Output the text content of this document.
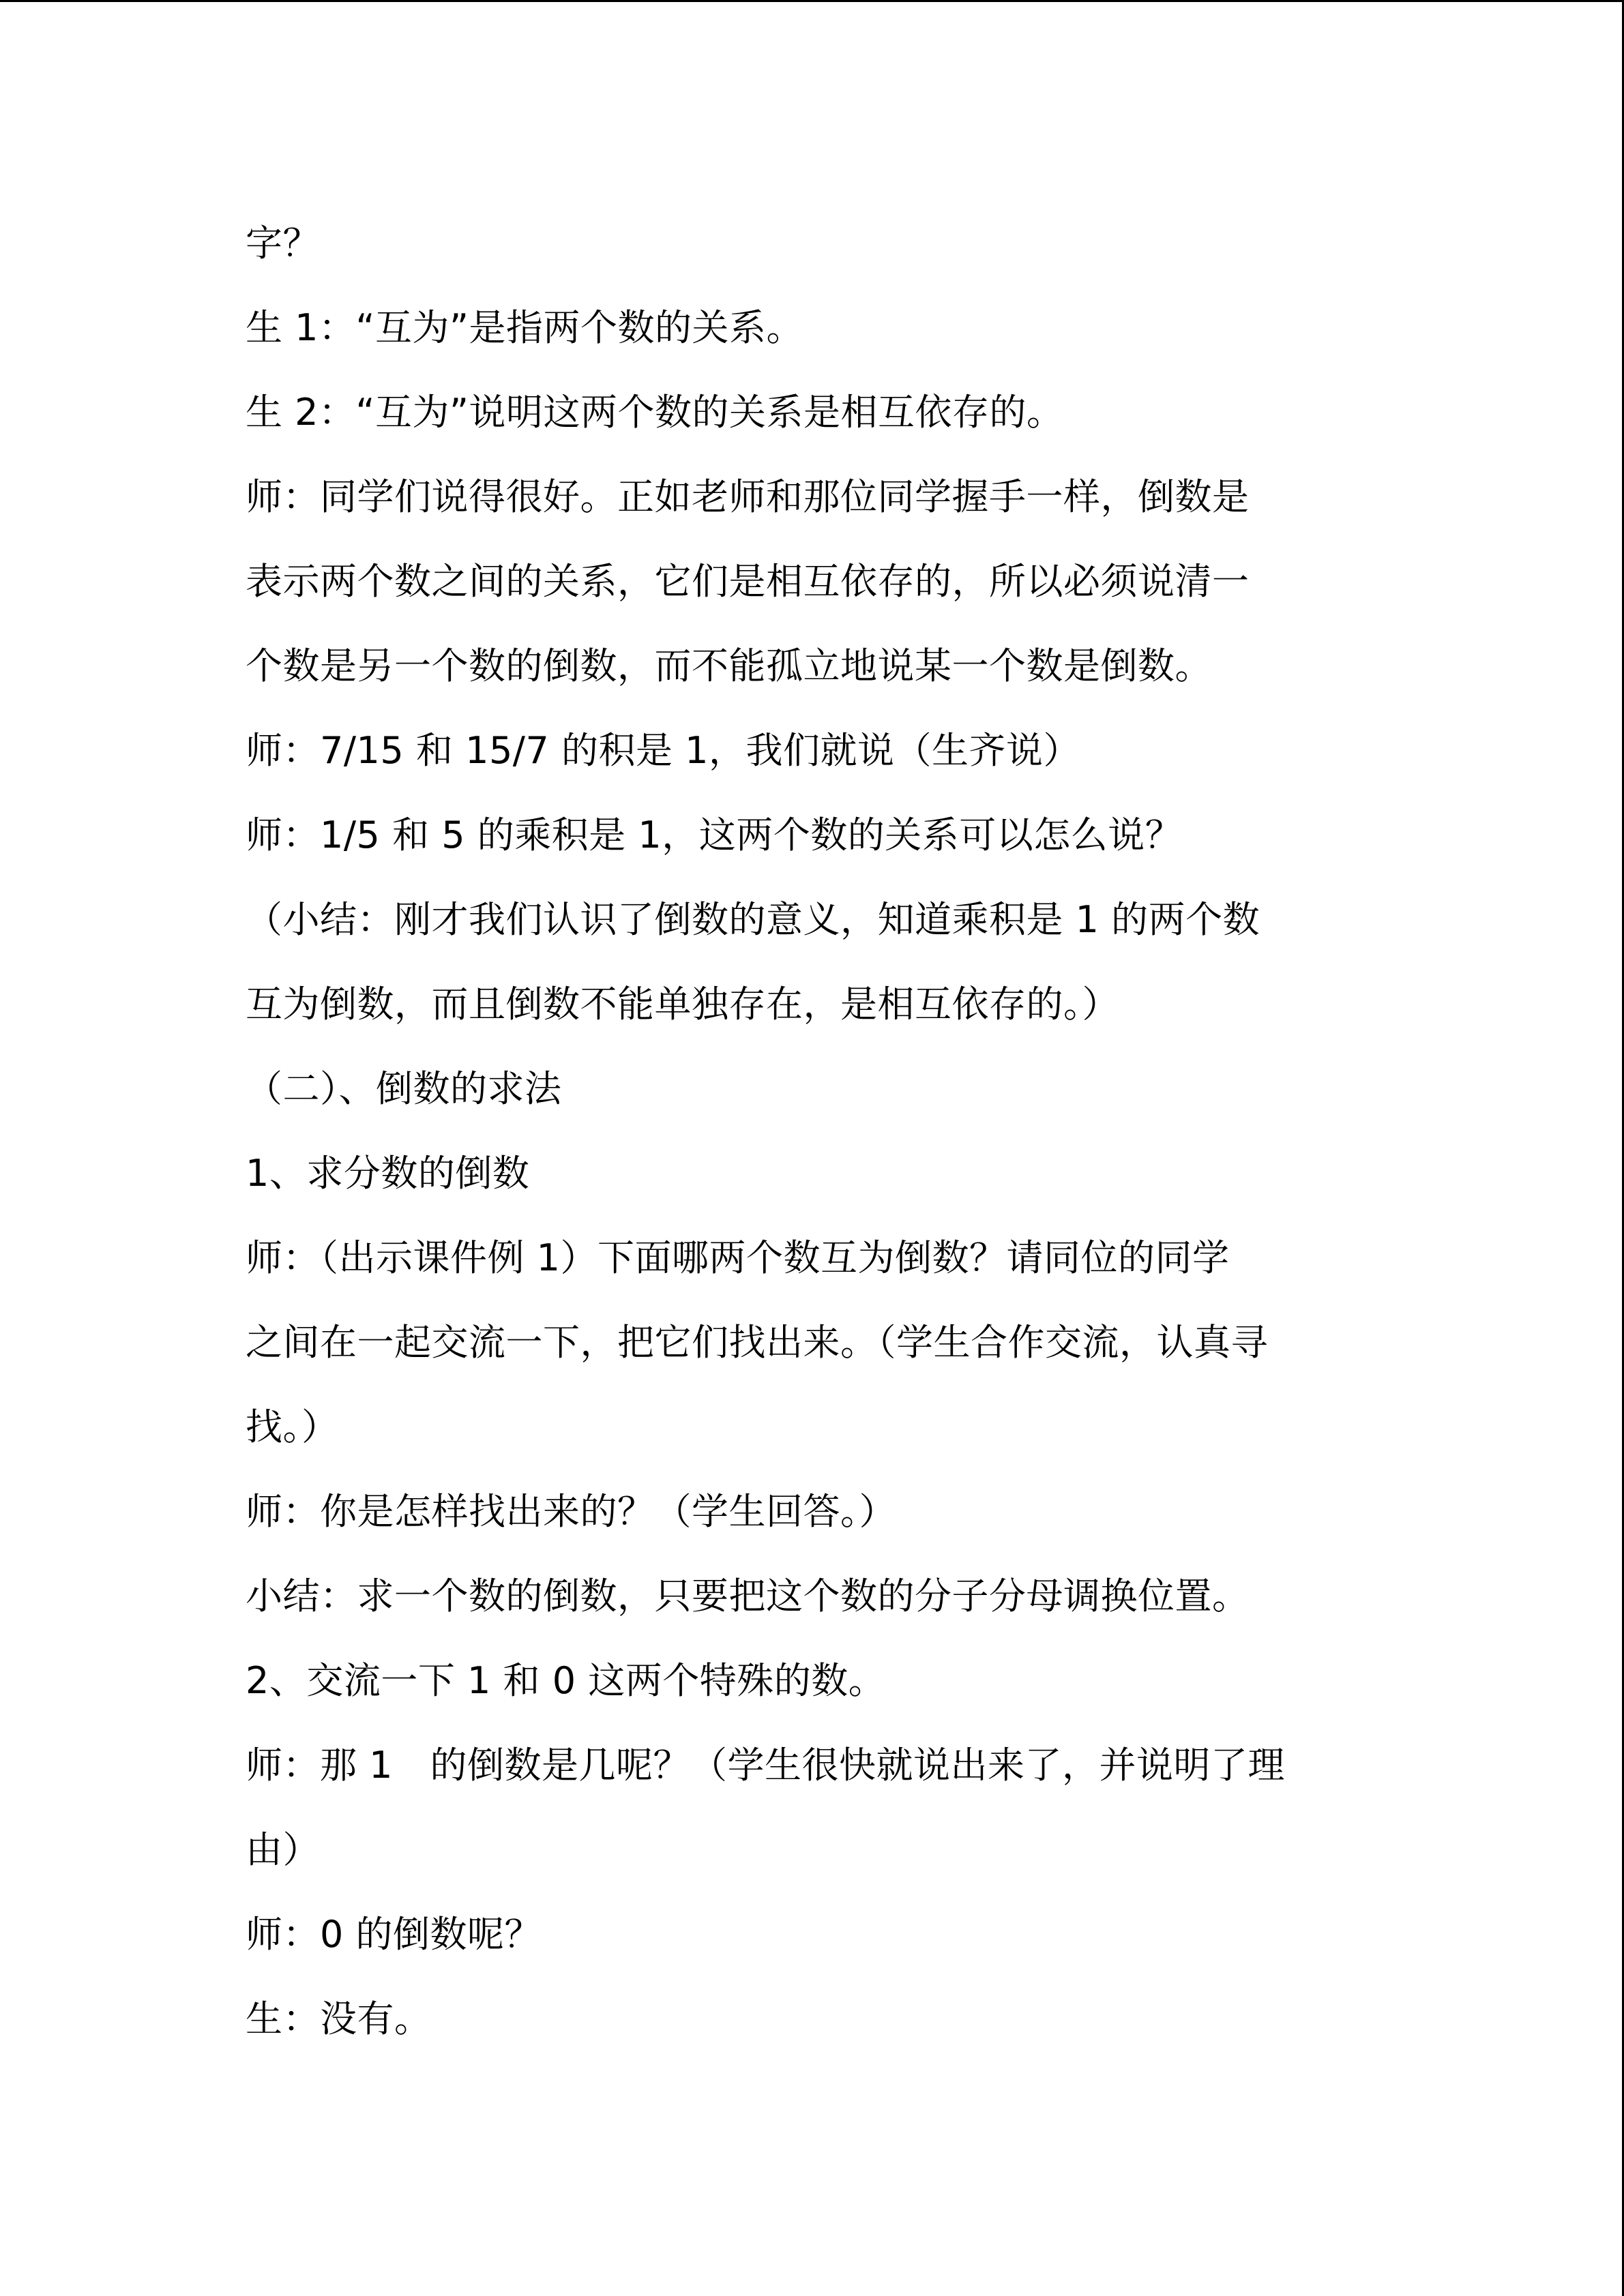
字？
生 1：“互为”是指两个数的关系。
生 2：“互为”说明这两个数的关系是相互依存的。
师：同学们说得很好。正如老师和那位同学握手一样，倒数是
表示两个数之间的关系，它们是相互依存的，所以必须说清一
个数是另一个数的倒数，而不能孤立地说某一个数是倒数。
师：7/15 和 15/7 的积是 1，我们就说（生齐说）
师：1/5 和 5 的乘积是 1，这两个数的关系可以怎么说？
（小结：刚才我们认识了倒数的意义，知道乘积是 1 的两个数
互为倒数，而且倒数不能单独存在，是相互依存的。）
（二）、倒数的求法
1、求分数的倒数
师：（出示课件例 1）下面哪两个数互为倒数？请同位的同学
之间在一起交流一下，把它们找出来。（学生合作交流，认真寻
找。）
师：你是怎样找出来的？（学生回答。）
小结：求一个数的倒数，只要把这个数的分子分母调换位置。
2、交流一下 1 和 0 这两个特殊的数。
师：那 1　的倒数是几呢？（学生很快就说出来了，并说明了理
由）
师：0 的倒数呢？
生：没有。
